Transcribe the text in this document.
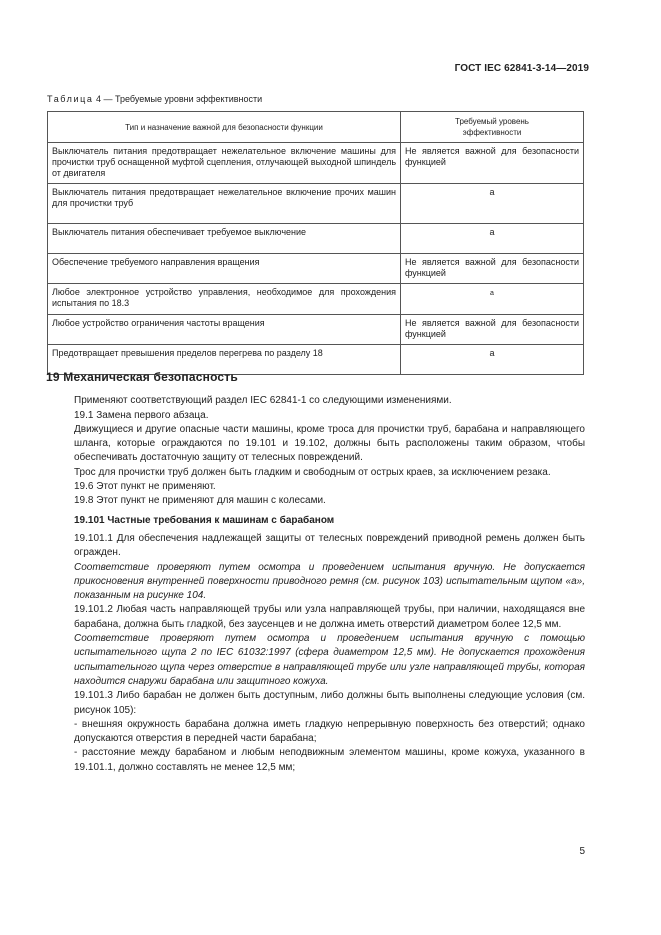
ГОСТ IEC 62841-3-14—2019
Таблица 4 — Требуемые уровни эффективности
Тип и назначение важной для безопасности функции	Требуемый уровень
эффективности
Выключатель питания предотвращает нежелательное включение машины для прочистки труб оснащенной муфтой сцепления, отлучающей выходной шпиндель от двигателя	Не является важной для безопасности функцией
Выключатель питания предотвращает нежелательное включение прочих машин для прочистки труб	a
Выключатель питания обеспечивает требуемое выключение	a
Обеспечение требуемого направления вращения	Не является важной для безопасности функцией
Любое электронное устройство управления, необходимое для прохождения испытания по 18.3	a
Любое устройство ограничения частоты вращения	Не является важной для безопасности функцией
Предотвращает превышения пределов перегрева по разделу 18	a
19 Механическая безопасность

Применяют соответствующий раздел IEC 62841-1 со следующими изменениями.

19.1 Замена первого абзаца.

Движущиеся и другие опасные части машины, кроме троса для прочистки труб, барабана и направляющего шланга, которые ограждаются по 19.101 и 19.102, должны быть расположены таким образом, чтобы обеспечивать достаточную защиту от телесных повреждений.

Трос для прочистки труб должен быть гладким и свободным от острых краев, за исключением резака.

19.6 Этот пункт не применяют.

19.8 Этот пункт не применяют для машин с колесами.

19.101 Частные требования к машинам с барабаном

19.101.1 Для обеспечения надлежащей защиты от телесных повреждений приводной ремень должен быть огражден.

Соответствие проверяют путем осмотра и проведением испытания вручную. Не допускается прикосновения внутренней поверхности приводного ремня (см. рисунок 103) испытательным щупом «а», показанным на рисунке 104.

19.101.2 Любая часть направляющей трубы или узла направляющей трубы, при наличии, находящаяся вне барабана, должна быть гладкой, без заусенцев и не должна иметь отверстий диаметром более 12,5 мм.

Соответствие проверяют путем осмотра и проведением испытания вручную с помощью испытательного щупа 2 по IEC 61032:1997 (сфера диаметром 12,5 мм). Не допускается прохождения испытательного щупа через отверстие в направляющей трубе или узле направляющей трубы, которая находится снаружи барабана или защитного кожуха.

19.101.3 Либо барабан не должен быть доступным, либо должны быть выполнены следующие условия (см. рисунок 105):

- внешняя окружность барабана должна иметь гладкую непрерывную поверхность без отверстий; однако допускаются отверстия в передней части барабана;

- расстояние между барабаном и любым неподвижным элементом машины, кроме кожуха, указанного в 19.101.1, должно составлять не менее 12,5 мм;

5
